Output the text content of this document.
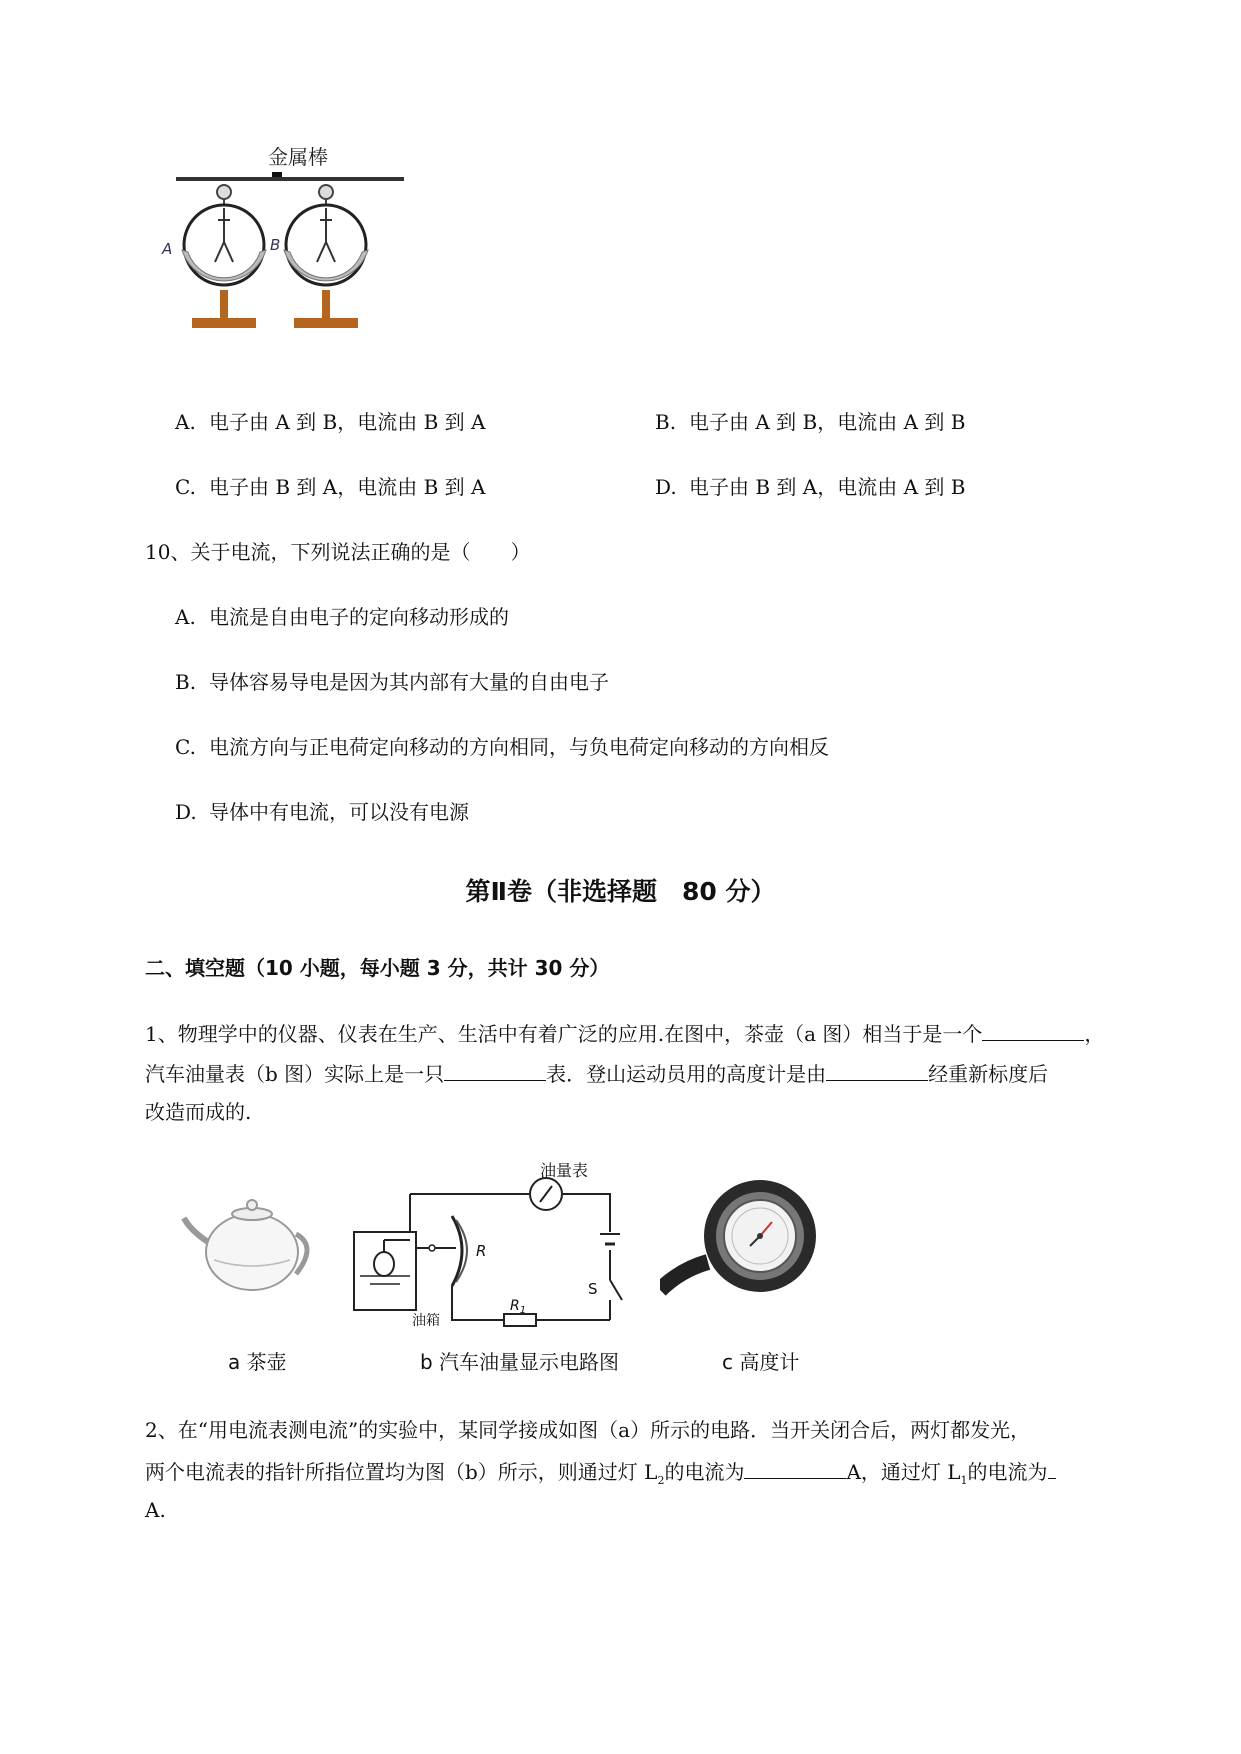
金属棒
A	B
A. 电子由 A 到 B，电流由 B 到 A	B. 电子由 A 到 B，电流由 A 到 B
C. 电子由 B 到 A，电流由 B 到 A	D. 电子由 B 到 A，电流由 A 到 B
10、关于电流，下列说法正确的是（　　）
A. 电流是自由电子的定向移动形成的
B. 导体容易导电是因为其内部有大量的自由电子
C. 电流方向与正电荷定向移动的方向相同，与负电荷定向移动的方向相反
D. 导体中有电流，可以没有电源
第Ⅱ卷（非选择题　80 分）
二、填空题（10 小题，每小题 3 分，共计 30 分）
1、物理学中的仪器、仪表在生产、生活中有着广泛的应用.在图中，茶壶（a 图）相当于是一个	，
汽车油量表（b 图）实际上是一只	表．登山运动员用的高度计是由	经重新标度后
改造而成的.
油量表
S
R
$R_1$
油箱
a 茶壶	b 汽车油量显示电路图	c 高度计
2、在“用电流表测电流”的实验中，某同学接成如图（a）所示的电路．当开关闭合后，两灯都发光，
两个电流表的指针所指位置均为图（b）所示，则通过灯 $L_2$的电流为	A，通过灯 $L_1$的电流为
A.
